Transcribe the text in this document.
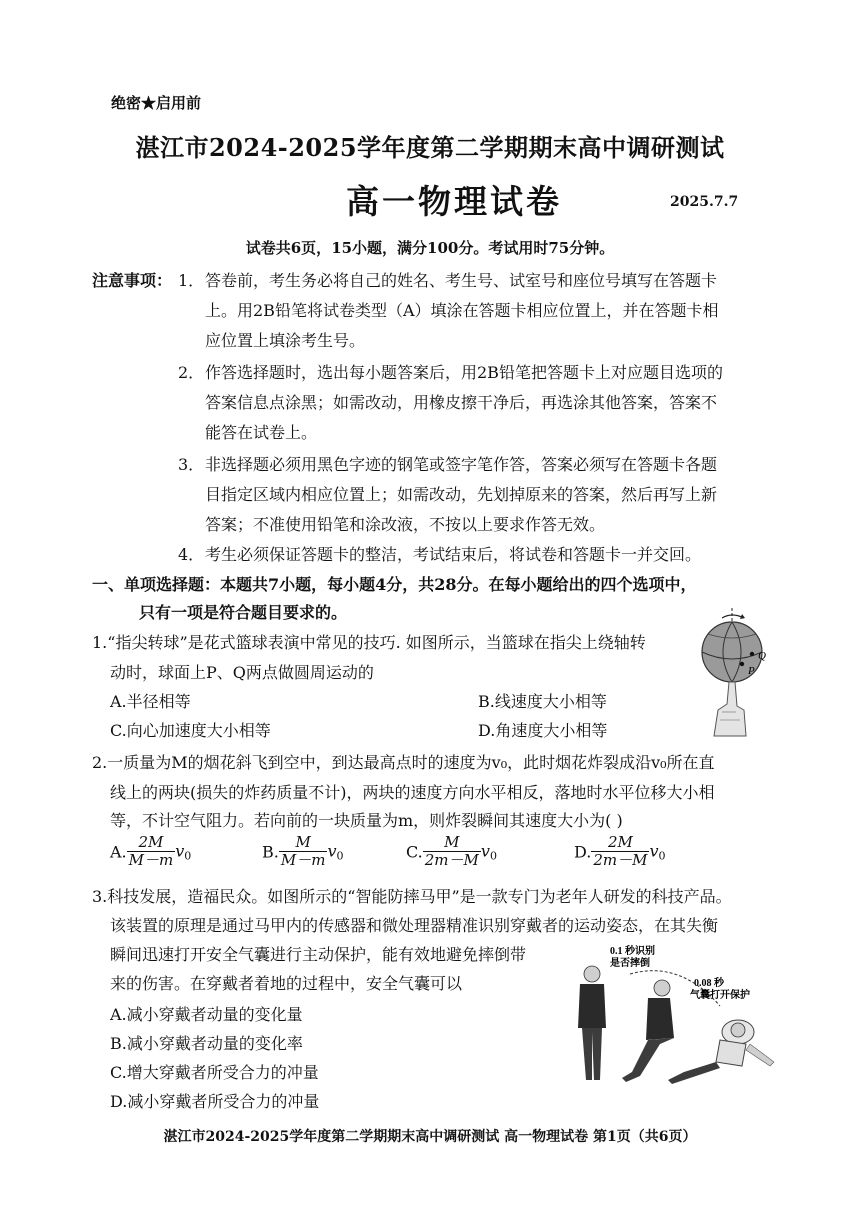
绝密★启用前
湛江市2024-2025学年度第二学期期末高中调研测试
高一物理试卷	2025.7.7
试卷共6页，15小题，满分100分。考试用时75分钟。
注意事项： 1． 答卷前，考生务必将自己的姓名、考生号、试室号和座位号填写在答题卡
上。用2B铅笔将试卷类型（A）填涂在答题卡相应位置上，并在答题卡相
应位置上填涂考生号。
2． 作答选择题时，选出每小题答案后，用2B铅笔把答题卡上对应题目选项的
答案信息点涂黑；如需改动，用橡皮擦干净后，再选涂其他答案，答案不
能答在试卷上。
3． 非选择题必须用黑色字迹的钢笔或签字笔作答，答案必须写在答题卡各题
目指定区域内相应位置上；如需改动，先划掉原来的答案，然后再写上新
答案；不准使用铅笔和涂改液，不按以上要求作答无效。
4． 考生必须保证答题卡的整洁，考试结束后，将试卷和答题卡一并交回。
一、单项选择题：本题共7小题，每小题4分，共28分。在每小题给出的四个选项中，
只有一项是符合题目要求的。
1.“指尖转球”是花式篮球表演中常见的技巧. 如图所示，当篮球在指尖上绕轴转
动时，球面上P、Q两点做圆周运动的
A.半径相等	B.线速度大小相等
C.向心加速度大小相等	D.角速度大小相等
Q
P
2.一质量为M的烟花斜飞到空中，到达最高点时的速度为v₀，此时烟花炸裂成沿v₀所在直
线上的两块(损失的炸药质量不计)，两块的速度方向水平相反，落地时水平位移大小相
等，不计空气阻力。若向前的一块质量为m，则炸裂瞬间其速度大小为( )
A. $\frac{2M}{M-m} v_0$	B. $\frac{M}{M-m} v_0$	C. $\frac{M}{2m-M} v_0$	D. $\frac{2M}{2m-M} v_0$
3.科技发展，造福民众。如图所示的“智能防摔马甲”是一款专门为老年人研发的科技产品。
该装置的原理是通过马甲内的传感器和微处理器精准识别穿戴者的运动姿态，在其失衡
瞬间迅速打开安全气囊进行主动保护，能有效地避免摔倒带
来的伤害。在穿戴者着地的过程中，安全气囊可以
A.减小穿戴者动量的变化量
B.减小穿戴者动量的变化率
C.增大穿戴者所受合力的冲量
D.减小穿戴者所受合力的冲量
0.1 秒识别
是否摔倒
0.08 秒
气囊打开保护
湛江市2024-2025学年度第二学期期末高中调研测试 高一物理试卷 第1页（共6页）
